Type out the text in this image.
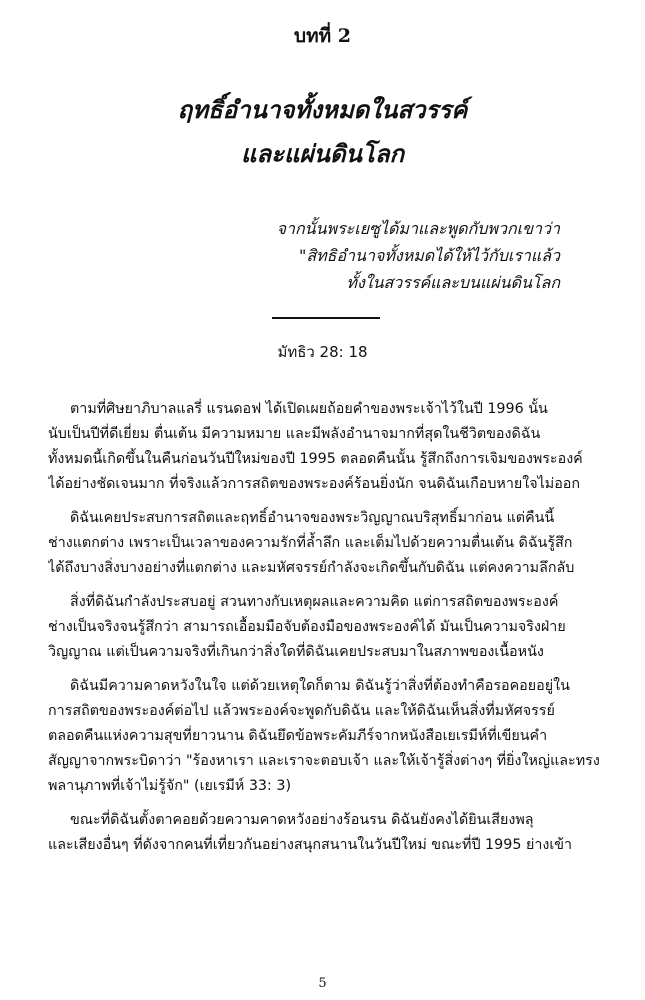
บทที่ 2
ฤทธิ์อำนาจทั้งหมดในสวรรค์
และแผ่นดินโลก
จากนั้นพระเยซูได้มาและพูดกับพวกเขาว่า
"สิทธิอำนาจทั้งหมดได้ให้ไว้กับเราแล้ว
ทั้งในสวรรค์และบนแผ่นดินโลก
มัทธิว 28: 18
ตามที่ศิษยาภิบาลแลรี่ แรนดอฟ ได้เปิดเผยถ้อยคำของพระเจ้าไว้ในปี 1996 นั้น
นับเป็นปีที่ดีเยี่ยม ตื่นเต้น มีความหมาย และมีพลังอำนาจมากที่สุดในชีวิตของดิฉัน
ทั้งหมดนี้เกิดขึ้นในคืนก่อนวันปีใหม่ของปี 1995 ตลอดคืนนั้น รู้สึกถึงการเจิมของพระองค์
ได้อย่างชัดเจนมาก ที่จริงแล้วการสถิตของพระองค์ร้อนยิ่งนัก จนดิฉันเกือบหายใจไม่ออก
ดิฉันเคยประสบการสถิตและฤทธิ์อำนาจของพระวิญญาณบริสุทธิ์มาก่อน แต่คืนนี้
ช่างแตกต่าง เพราะเป็นเวลาของความรักที่ล้ำลึก และเต็มไปด้วยความตื่นเต้น ดิฉันรู้สึก
ได้ถึงบางสิ่งบางอย่างที่แตกต่าง และมหัศจรรย์กำลังจะเกิดขึ้นกับดิฉัน แต่คงความลึกลับ
สิ่งที่ดิฉันกำลังประสบอยู่ สวนทางกับเหตุผลและความคิด แต่การสถิตของพระองค์
ช่างเป็นจริงจนรู้สึกว่า สามารถเอื้อมมือจับต้องมือของพระองค์ได้ มันเป็นความจริงฝ่าย
วิญญาณ แต่เป็นความจริงที่เกินกว่าสิ่งใดที่ดิฉันเคยประสบมาในสภาพของเนื้อหนัง
ดิฉันมีความคาดหวังในใจ แต่ด้วยเหตุใดก็ตาม ดิฉันรู้ว่าสิ่งที่ต้องทำคือรอคอยอยู่ใน
การสถิตของพระองค์ต่อไป แล้วพระองค์จะพูดกับดิฉัน และให้ดิฉันเห็นสิ่งที่มหัศจรรย์
ตลอดคืนแห่งความสุขที่ยาวนาน ดิฉันยึดข้อพระคัมภีร์จากหนังสือเยเรมีห์ที่เขียนคำ
สัญญาจากพระบิดาว่า "ร้องหาเรา และเราจะตอบเจ้า และให้เจ้ารู้สิ่งต่างๆ ที่ยิ่งใหญ่และทรง
พลานุภาพที่เจ้าไม่รู้จัก" (เยเรมีห์ 33: 3)
ขณะที่ดิฉันตั้งตาคอยด้วยความคาดหวังอย่างร้อนรน ดิฉันยังคงได้ยินเสียงพลุ
และเสียงอื่นๆ ที่ดังจากคนที่เที่ยวกันอย่างสนุกสนานในวันปีใหม่ ขณะที่ปี 1995 ย่างเข้า
5
